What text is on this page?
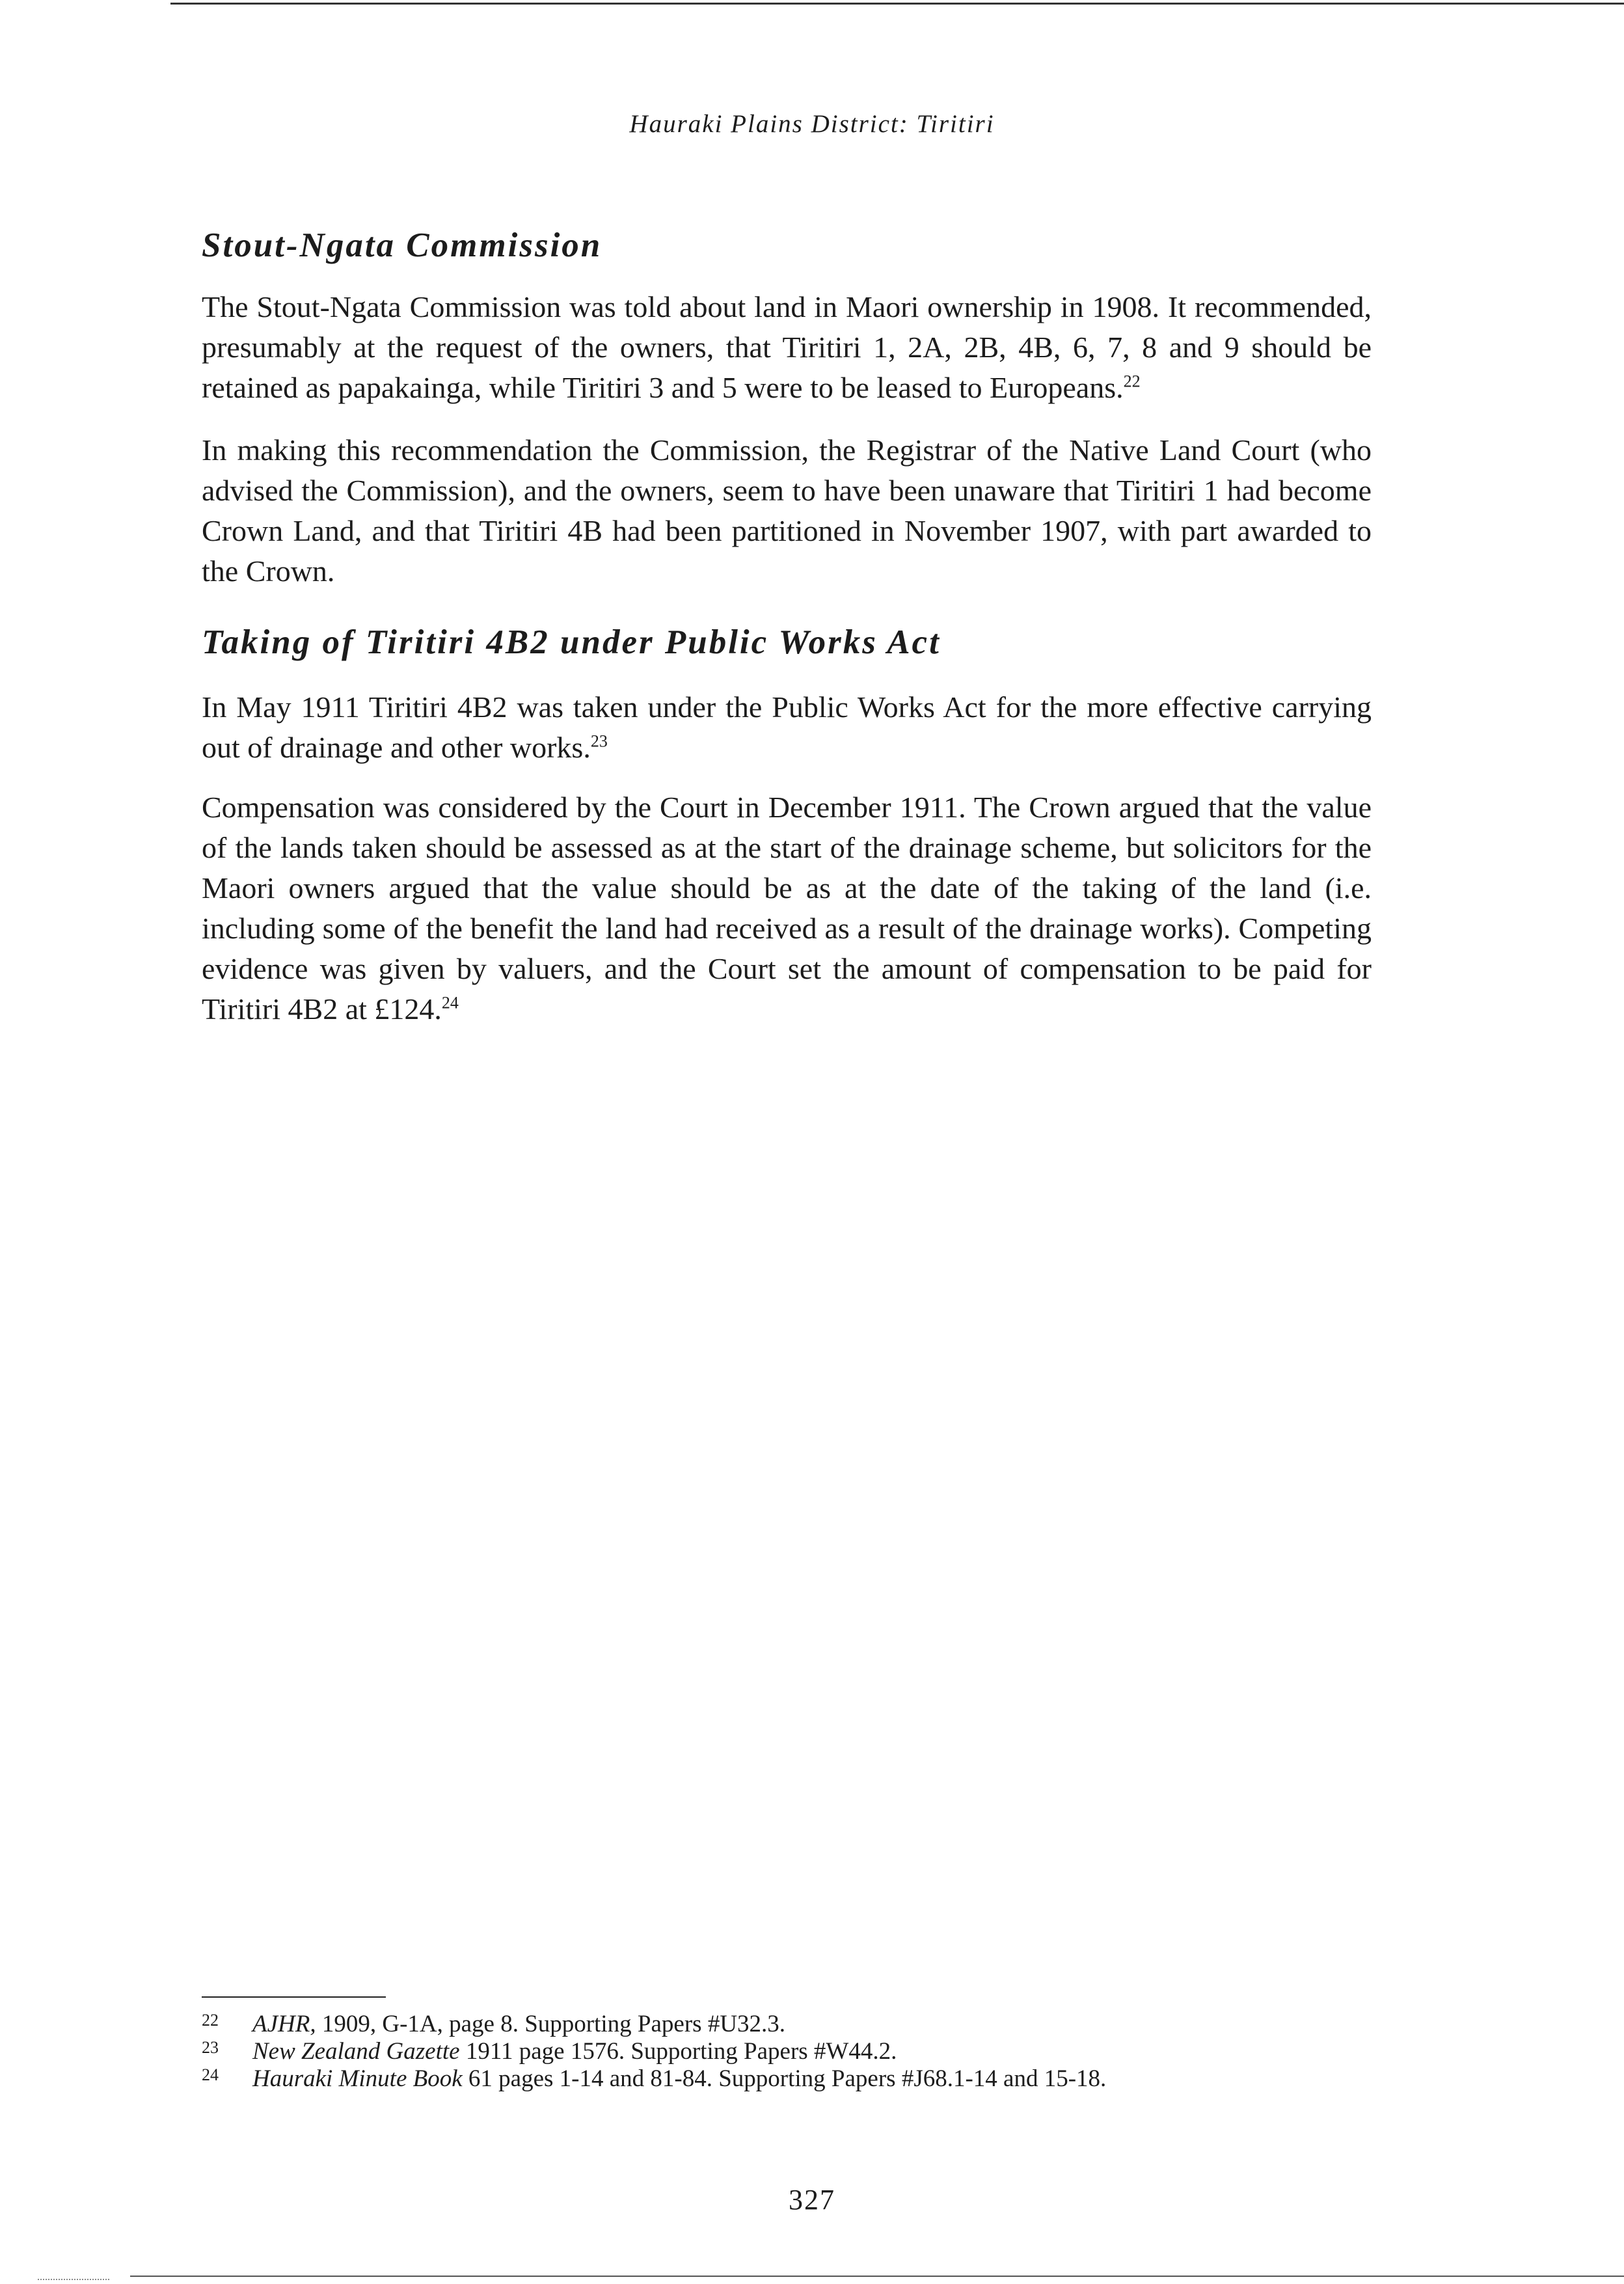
Hauraki Plains District: Tiritiri
Stout-Ngata Commission

The Stout-Ngata Commission was told about land in Maori ownership in 1908. It recommended, presumably at the request of the owners, that Tiritiri 1, 2A, 2B, 4B, 6, 7, 8 and 9 should be retained as papakainga, while Tiritiri 3 and 5 were to be leased to Europeans.$^{22}$

In making this recommendation the Commission, the Registrar of the Native Land Court (who advised the Commission), and the owners, seem to have been unaware that Tiritiri 1 had become Crown Land, and that Tiritiri 4B had been partitioned in November 1907, with part awarded to the Crown.

Taking of Tiritiri 4B2 under Public Works Act

In May 1911 Tiritiri 4B2 was taken under the Public Works Act for the more effective carrying out of drainage and other works.$^{23}$

Compensation was considered by the Court in December 1911. The Crown argued that the value of the lands taken should be assessed as at the start of the drainage scheme, but solicitors for the Maori owners argued that the value should be as at the date of the taking of the land (i.e. including some of the benefit the land had received as a result of the drainage works). Competing evidence was given by valuers, and the Court set the amount of compensation to be paid for Tiritiri 4B2 at £124.24

22	AJHR, 1909, G-1A, page 8. Supporting Papers #U32.3.

23	New Zealand Gazette 1911 page 1576. Supporting Papers #W44.2.

24	Hauraki Minute Book 61 pages 1-14 and 81-84. Supporting Papers #J68.1-14 and 15-18.

327
